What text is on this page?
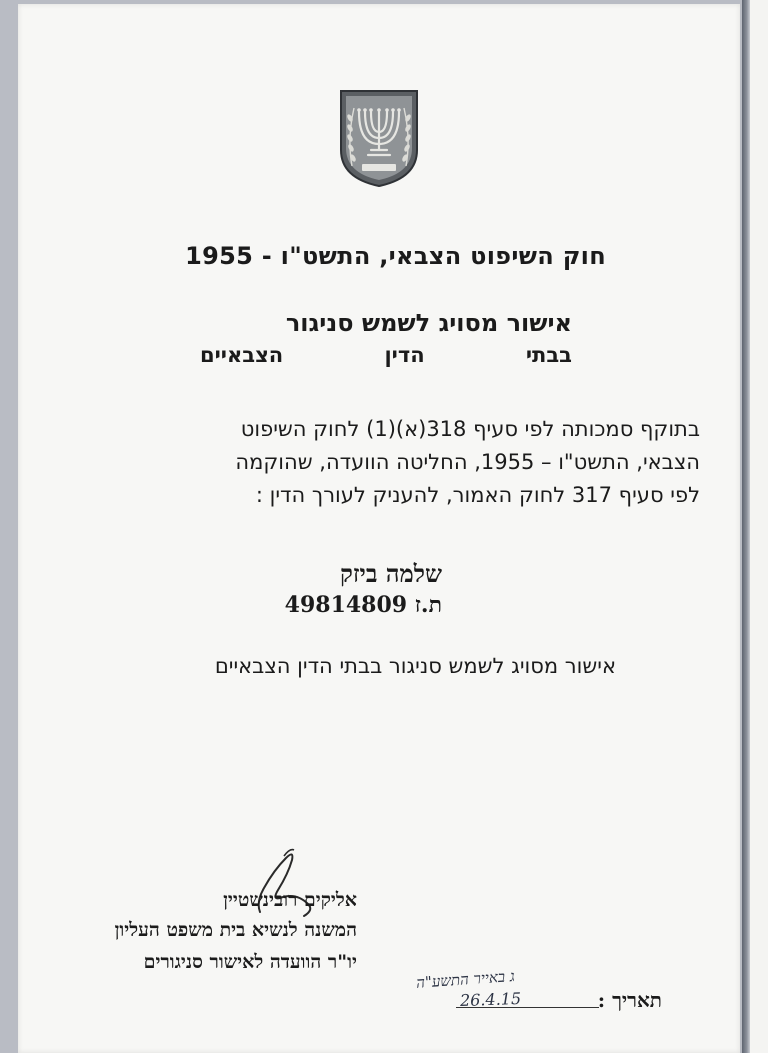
חוק השיפוט הצבאי, התשט"ו - 1955

אישור מסויג לשמש סניגור

בבתי
הדין
הצבאיים

בתוקף סמכותה לפי סעיף 318(א)(1) לחוק השיפוט

הצבאי, התשט"ו – 1955, החליטה הוועדה, שהוקמה

לפי סעיף 317 לחוק האמור, להעניק לעורך הדין :

שלמה ביזק

ת.ז 49814809

אישור מסויג לשמש סניגור בבתי הדין הצבאיים

אליקים רובינשטיין

המשנה לנשיא בית משפט העליון

יו"ר הוועדה לאישור סניגורים

תאריך :

ג באייר התשע"ה
26.4.15
